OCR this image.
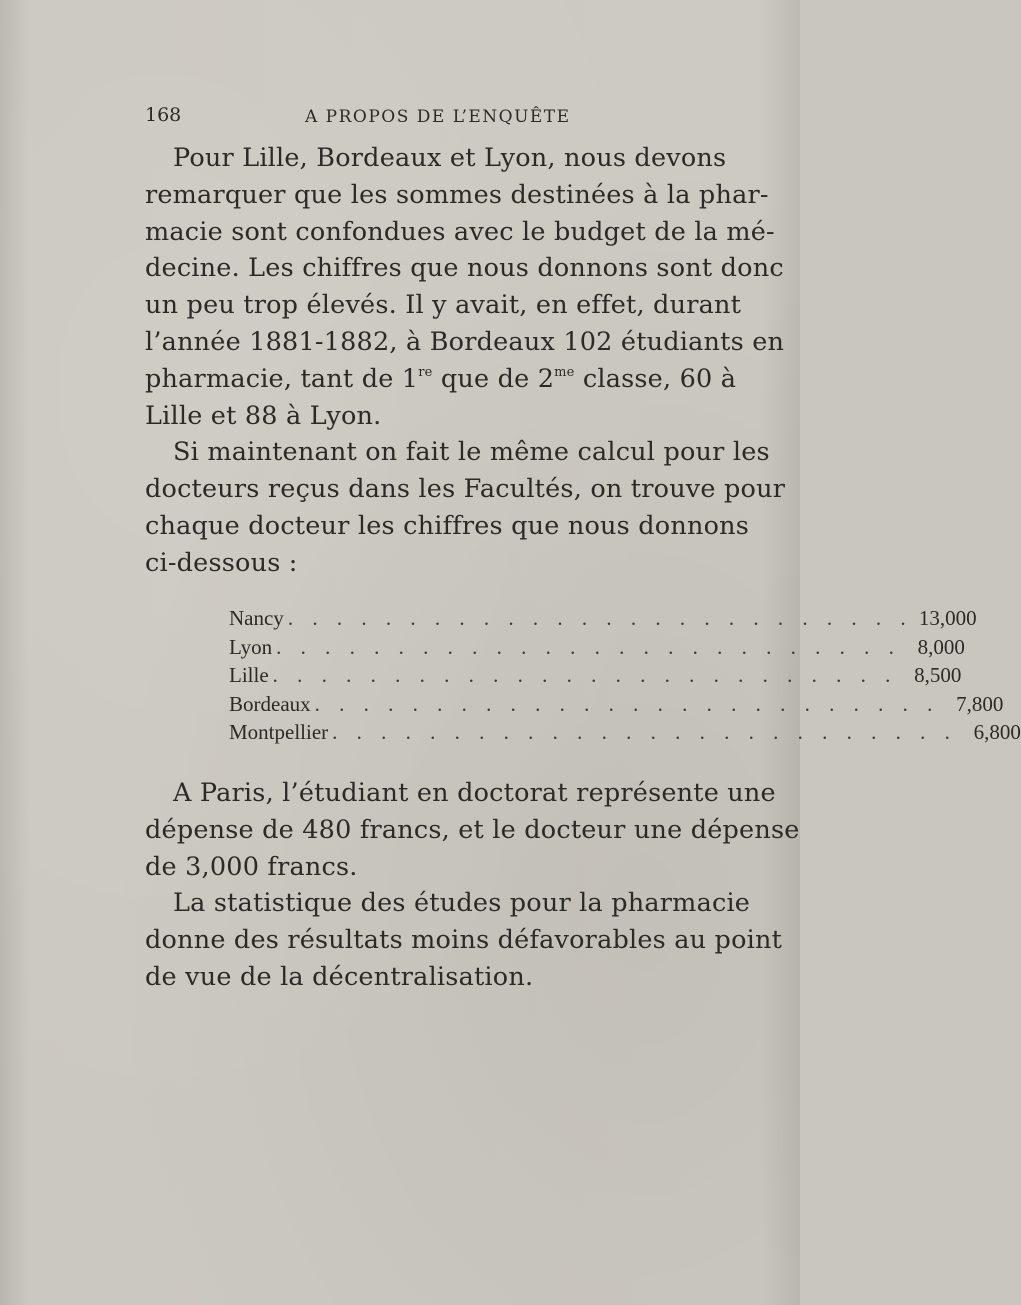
168	A PROPOS DE L’ENQUÊTE
Pour Lille, Bordeaux et Lyon, nous devons
remarquer que les sommes destinées à la phar-
macie sont confondues avec le budget de la mé-
decine. Les chiffres que nous donnons sont donc
un peu trop élevés. Il y avait, en effet, durant
l’année 1881-1882, à Bordeaux 102 étudiants en
pharmacie, tant de 1re que de $2^{me}$ classe, 60 à
Lille et 88 à Lyon.
Si maintenant on fait le même calcul pour les
docteurs reçus dans les Facultés, on trouve pour
chaque docteur les chiffres que nous donnons
ci-dessous :
Nancy . . . . . . . . . . . . . . . . . . . . . . . . . . 13,000
Lyon . . . . . . . . . . . . . . . . . . . . . . . . . . 8,000
Lille . . . . . . . . . . . . . . . . . . . . . . . . . . 8,500
Bordeaux . . . . . . . . . . . . . . . . . . . . . . . . . . 7,800
Montpellier . . . . . . . . . . . . . . . . . . . . . . . . . . 6,800
A Paris, l’étudiant en doctorat représente une
dépense de 480 francs, et le docteur une dépense
de 3,000 francs.
La statistique des études pour la pharmacie
donne des résultats moins défavorables au point
de vue de la décentralisation.
